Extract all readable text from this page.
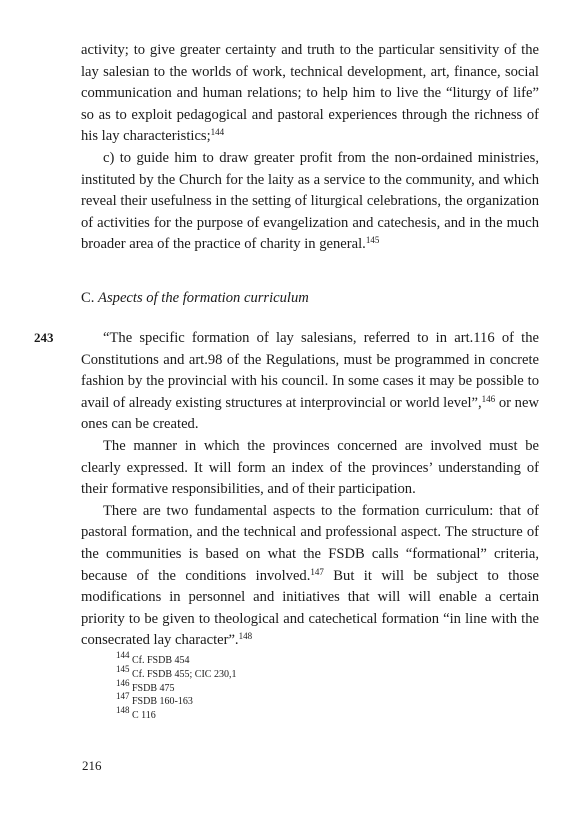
activity; to give greater certainty and truth to the particular sensitivity of the lay salesian to the worlds of work, technical development, art, finance, social communication and human relations; to help him to live the “liturgy of life” so as to exploit pedagogical and pastoral experiences through the richness of his lay characteristics;$^{144}$

c) to guide him to draw greater profit from the non-ordained ministries, instituted by the Church for the laity as a service to the community, and which reveal their usefulness in the setting of liturgical celebrations, the organization of activities for the purpose of evangelization and catechesis, and in the much broader area of the practice of charity in general.$^{145}$

C. Aspects of the formation curriculum
243	“The specific formation of lay salesians, referred to in art.116 of the Constitutions and art.98 of the Regulations, must be programmed in concrete fashion by the provincial with his council. In some cases it may be possible to avail of already existing structures at interprovincial or world level”,$^{146}$ or new ones can be created.

The manner in which the provinces concerned are involved must be clearly expressed. It will form an index of the provinces’ understanding of their formative responsibilities, and of their participation.

There are two fundamental aspects to the formation curriculum: that of pastoral formation, and the technical and professional aspect. The structure of the communities is based on what the FSDB calls “formational” criteria, because of the conditions involved.$^{147}$ But it will be subject to those modifications in personnel and initiatives that will will enable a certain priority to be given to theological and catechetical formation “in line with the consecrated lay character”.$^{148}$

$^{144}$ Cf. FSDB 454
$^{145}$ Cf. FSDB 455; CIC 230,1
$^{146}$ FSDB 475
$^{147}$ FSDB 160-163
$^{148}$ C 116
216
